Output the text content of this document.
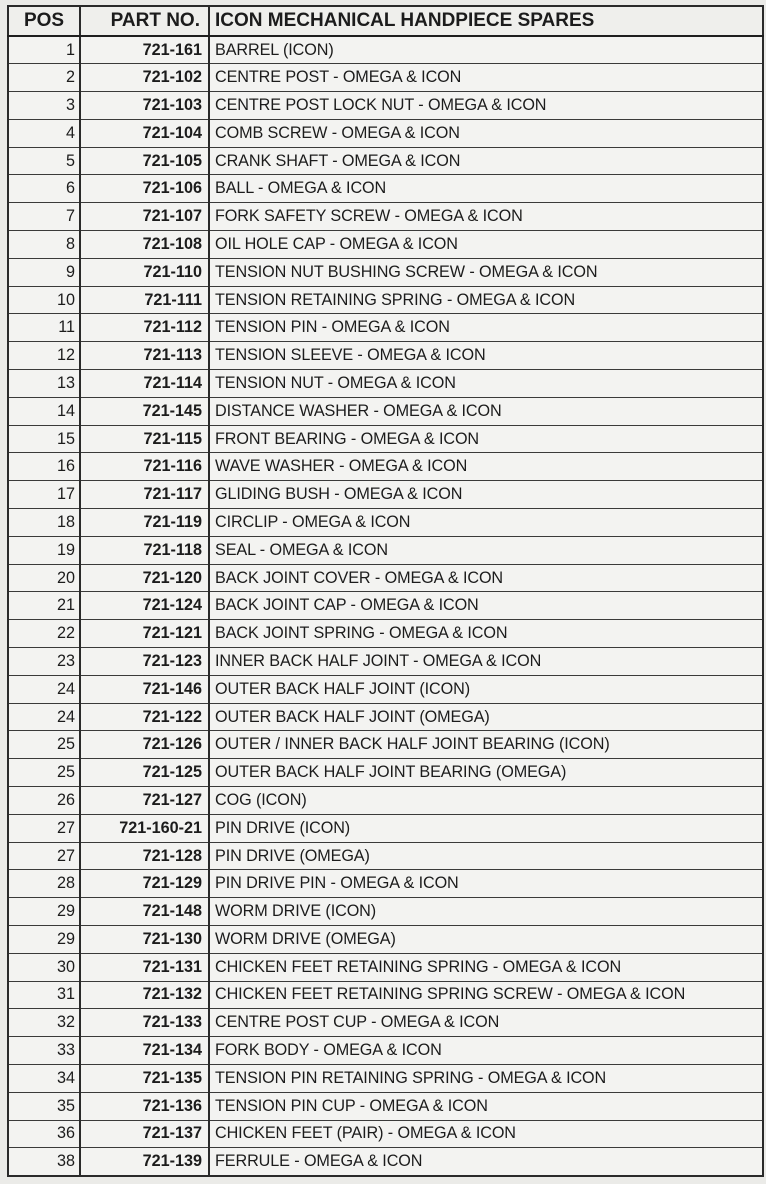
POS	PART NO.	ICON MECHANICAL HANDPIECE SPARES
1	721-161	BARREL (ICON)
2	721-102	CENTRE POST - OMEGA & ICON
3	721-103	CENTRE POST LOCK NUT - OMEGA & ICON
4	721-104	COMB SCREW - OMEGA & ICON
5	721-105	CRANK SHAFT - OMEGA & ICON
6	721-106	BALL - OMEGA & ICON
7	721-107	FORK SAFETY SCREW - OMEGA & ICON
8	721-108	OIL HOLE CAP - OMEGA & ICON
9	721-110	TENSION NUT BUSHING SCREW - OMEGA & ICON
10	721-111	TENSION RETAINING SPRING - OMEGA & ICON
11	721-112	TENSION PIN - OMEGA & ICON
12	721-113	TENSION SLEEVE - OMEGA & ICON
13	721-114	TENSION NUT - OMEGA & ICON
14	721-145	DISTANCE WASHER - OMEGA & ICON
15	721-115	FRONT BEARING - OMEGA & ICON
16	721-116	WAVE WASHER - OMEGA & ICON
17	721-117	GLIDING BUSH - OMEGA & ICON
18	721-119	CIRCLIP - OMEGA & ICON
19	721-118	SEAL - OMEGA & ICON
20	721-120	BACK JOINT COVER - OMEGA & ICON
21	721-124	BACK JOINT CAP - OMEGA & ICON
22	721-121	BACK JOINT SPRING - OMEGA & ICON
23	721-123	INNER BACK HALF JOINT - OMEGA & ICON
24	721-146	OUTER BACK HALF JOINT (ICON)
24	721-122	OUTER BACK HALF JOINT (OMEGA)
25	721-126	OUTER / INNER BACK HALF JOINT BEARING (ICON)
25	721-125	OUTER BACK HALF JOINT BEARING (OMEGA)
26	721-127	COG (ICON)
27	721-160-21	PIN DRIVE (ICON)
27	721-128	PIN DRIVE (OMEGA)
28	721-129	PIN DRIVE PIN - OMEGA & ICON
29	721-148	WORM DRIVE (ICON)
29	721-130	WORM DRIVE (OMEGA)
30	721-131	CHICKEN FEET RETAINING SPRING - OMEGA & ICON
31	721-132	CHICKEN FEET RETAINING SPRING SCREW - OMEGA & ICON
32	721-133	CENTRE POST CUP - OMEGA & ICON
33	721-134	FORK BODY - OMEGA & ICON
34	721-135	TENSION PIN RETAINING SPRING - OMEGA & ICON
35	721-136	TENSION PIN CUP - OMEGA & ICON
36	721-137	CHICKEN FEET (PAIR) - OMEGA & ICON
38	721-139	FERRULE - OMEGA & ICON
